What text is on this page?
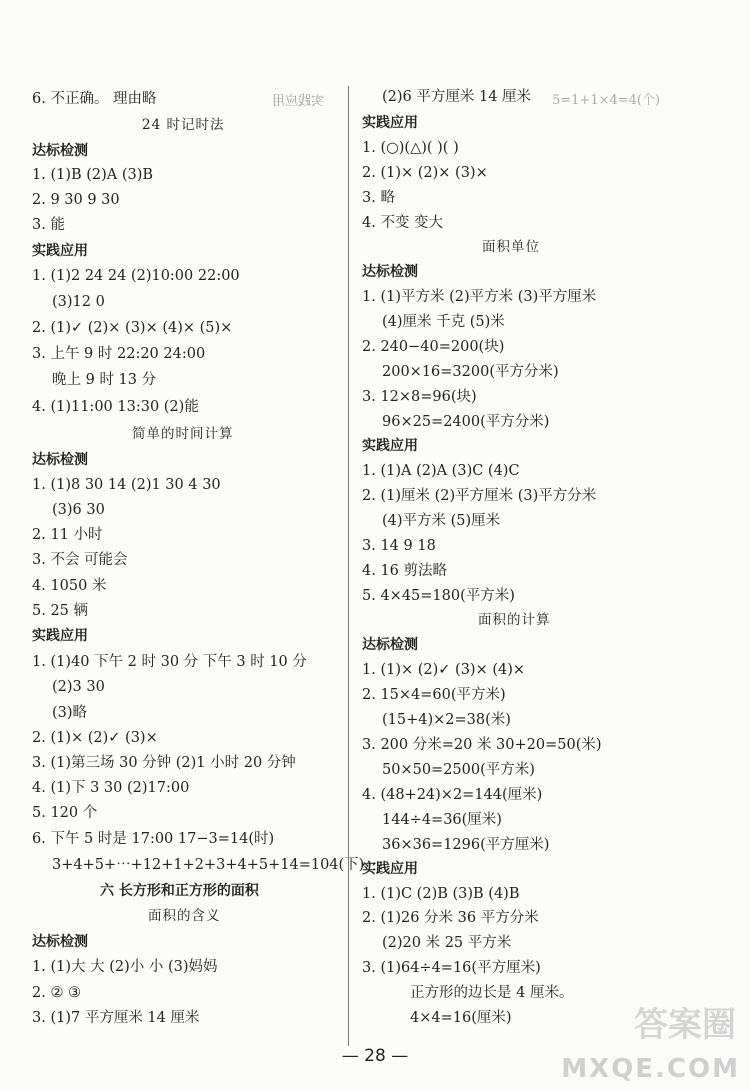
6. 不正确。 理由略
24 时记时法
达标检测
1. (1)B (2)A (3)B
2. 9 30 9 30
3. 能
实践应用
1. (1)2 24 24 (2)10:00 22:00
(3)12 0
2. (1)✓ (2)× (3)× (4)× (5)×
3. 上午 9 时 22:20 24:00
晚上 9 时 13 分
4. (1)11:00 13:30 (2)能
简单的时间计算
达标检测
1. (1)8 30 14 (2)1 30 4 30
(3)6 30
2. 11 小时
3. 不会 可能会
4. 1050 米
5. 25 辆
实践应用
1. (1)40 下午 2 时 30 分 下午 3 时 10 分
(2)3 30
(3)略
2. (1)× (2)✓ (3)×
3. (1)第三场 30 分钟 (2)1 小时 20 分钟
4. (1)下 3 30 (2)17:00
5. 120 个
6. 下午 5 时是 17:00 17−3=14(时)
3+4+5+⋯+12+1+2+3+4+5+14=104(下)
六 长方形和正方形的面积
面积的含义
达标检测
1. (1)大 大 (2)小 小 (3)妈妈
2. ② ③
3. (1)7 平方厘米 14 厘米
(2)6 平方厘米 14 厘米
实践应用
1. (○)(△)( )( )
2. (1)× (2)× (3)×
3. 略
4. 不变 变大
面积单位
达标检测
1. (1)平方米 (2)平方米 (3)平方厘米
(4)厘米 千克 (5)米
2. 240−40=200(块)
200×16=3200(平方分米)
3. 12×8=96(块)
96×25=2400(平方分米)
实践应用
1. (1)A (2)A (3)C (4)C
2. (1)厘米 (2)平方厘米 (3)平方分米
(4)平方米 (5)厘米
3. 14 9 18
4. 16 剪法略
5. 4×45=180(平方米)
面积的计算
达标检测
1. (1)× (2)✓ (3)× (4)×
2. 15×4=60(平方米)
(15+4)×2=38(米)
3. 200 分米=20 米 30+20=50(米)
50×50=2500(平方米)
4. (48+24)×2=144(厘米)
144÷4=36(厘米)
36×36=1296(平方厘米)
实践应用
1. (1)C (2)B (3)B (4)B
2. (1)26 分米 36 平方分米
(2)20 米 25 平方米
3. (1)64÷4=16(平方厘米)
正方形的边长是 4 厘米。
4×4=16(厘米)
实践应用	5=1+1×4=4(个)
— 28 —
答案圈
MXQE.COM
